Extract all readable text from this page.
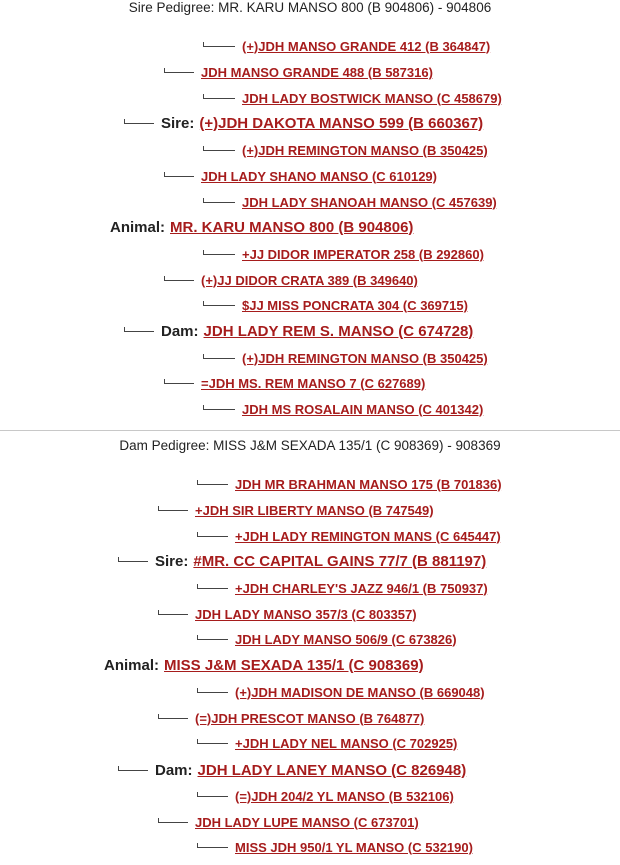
Sire Pedigree: MR. KARU MANSO 800 (B 904806) - 904806
(+)JDH MANSO GRANDE 412 (B 364847)
JDH MANSO GRANDE 488 (B 587316)
JDH LADY BOSTWICK MANSO (C 458679)
Sire: (+)JDH DAKOTA MANSO 599 (B 660367)
(+)JDH REMINGTON MANSO (B 350425)
JDH LADY SHANO MANSO (C 610129)
JDH LADY SHANOAH MANSO (C 457639)
Animal: MR. KARU MANSO 800 (B 904806)
+JJ DIDOR IMPERATOR 258 (B 292860)
(+)JJ DIDOR CRATA 389 (B 349640)
$JJ MISS PONCRATA 304 (C 369715)
Dam: JDH LADY REM S. MANSO (C 674728)
(+)JDH REMINGTON MANSO (B 350425)
=JDH MS. REM MANSO 7 (C 627689)
JDH MS ROSALAIN MANSO (C 401342)
Dam Pedigree: MISS J&M SEXADA 135/1 (C 908369) - 908369
JDH MR BRAHMAN MANSO 175 (B 701836)
+JDH SIR LIBERTY MANSO (B 747549)
+JDH LADY REMINGTON MANS (C 645447)
Sire: #MR. CC CAPITAL GAINS 77/7 (B 881197)
+JDH CHARLEY'S JAZZ 946/1 (B 750937)
JDH LADY MANSO 357/3 (C 803357)
JDH LADY MANSO 506/9 (C 673826)
Animal: MISS J&M SEXADA 135/1 (C 908369)
(+)JDH MADISON DE MANSO (B 669048)
(=)JDH PRESCOT MANSO (B 764877)
+JDH LADY NEL MANSO (C 702925)
Dam: JDH LADY LANEY MANSO (C 826948)
(=)JDH 204/2 YL MANSO (B 532106)
JDH LADY LUPE MANSO (C 673701)
MISS JDH 950/1 YL MANSO (C 532190)
